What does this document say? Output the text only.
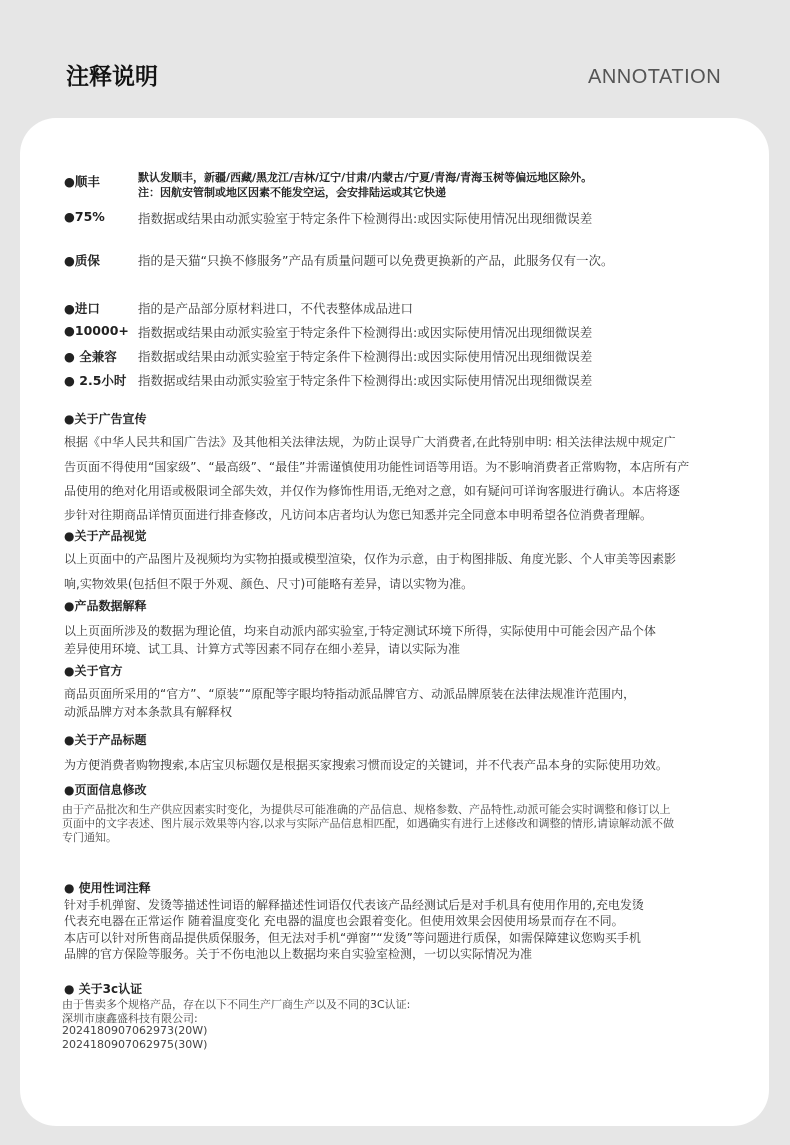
注释说明	ANNOTATION
●顺丰	默认发顺丰，新疆/西藏/黑龙江/吉林/辽宁/甘肃/内蒙古/宁夏/青海/青海玉树等偏远地区除外。
注：因航安管制或地区因素不能发空运，会安排陆运或其它快递
●75%	指数据或结果由动派实验室于特定条件下检测得出:或因实际使用情况出现细微误差
●质保	指的是天猫“只换不修服务”产品有质量问题可以免费更换新的产品，此服务仅有一次。
●进口	指的是产品部分原材料进口，不代表整体成品进口
●10000+ 指数据或结果由动派实验室于特定条件下检测得出:或因实际使用情况出现细微误差
● 全兼容	指数据或结果由动派实验室于特定条件下检测得出:或因实际使用情况出现细微误差
● 2.5小时 指数据或结果由动派实验室于特定条件下检测得出:或因实际使用情况出现细微误差
●关于广告宣传
根据《中华人民共和国广告法》及其他相关法律法规，为防止误导广大消费者,在此特别申明: 相关法律法规中规定广
告页面不得使用“国家级”、“最高级”、“最佳”并需谨慎使用功能性词语等用语。为不影响消费者正常购物，本店所有产
品使用的绝对化用语或极限词全部失效，并仅作为修饰性用语,无绝对之意，如有疑问可详询客服进行确认。本店将逐
步针对往期商品详情页面进行排查修改，凡访问本店者均认为您已知悉并完全同意本申明希望各位消费者理解。
●关于产品视觉
以上页面中的产品图片及视频均为实物拍摄或模型渲染，仅作为示意，由于构图排版、角度光影、个人审美等因素影
响,实物效果(包括但不限于外观、颜色、尺寸)可能略有差异，请以实物为准。
●产品数据解释
以上页面所涉及的数据为理论值，均来自动派内部实验室,于特定测试环境下所得，实际使用中可能会因产品个体
差异使用环境、试工具、计算方式等因素不同存在细小差异，请以实际为准
●关于官方
商品页面所采用的“官方”、“原装”“原配等字眼均特指动派品牌官方、动派品牌原装在法律法规准许范围内，
动派品牌方对本条款具有解释权
●关于产品标题
为方便消费者购物搜索,本店宝贝标题仅是根据买家搜索习惯而设定的关键词，并不代表产品本身的实际使用功效。
●页面信息修改
由于产品批次和生产供应因素实时变化，为提供尽可能准确的产品信息、规格参数、产品特性,动派可能会实时调整和修订以上
页面中的文字表述、图片展示效果等内容,以求与实际产品信息相匹配，如遇确实有进行上述修改和调整的情形,请谅解动派不做
专门通知。
● 使用性词注释
针对手机弹窗、发烫等描述性词语的解释描述性词语仅代表该产品经测试后是对手机具有使用作用的,充电发烫
代表充电器在正常运作 随着温度变化 充电器的温度也会跟着变化。但使用效果会因使用场景而存在不同。
本店可以针对所售商品提供质保服务，但无法对手机“弹窗”“发烫”等问题进行质保，如需保障建议您购买手机
品牌的官方保险等服务。关于不伤电池以上数据均来自实验室检测，一切以实际情况为准
● 关于3c认证
由于售卖多个规格产品，存在以下不同生产厂商生产以及不同的3C认证:
深圳市康鑫盛科技有限公司:
2024180907062973(20W)
2024180907062975(30W)
